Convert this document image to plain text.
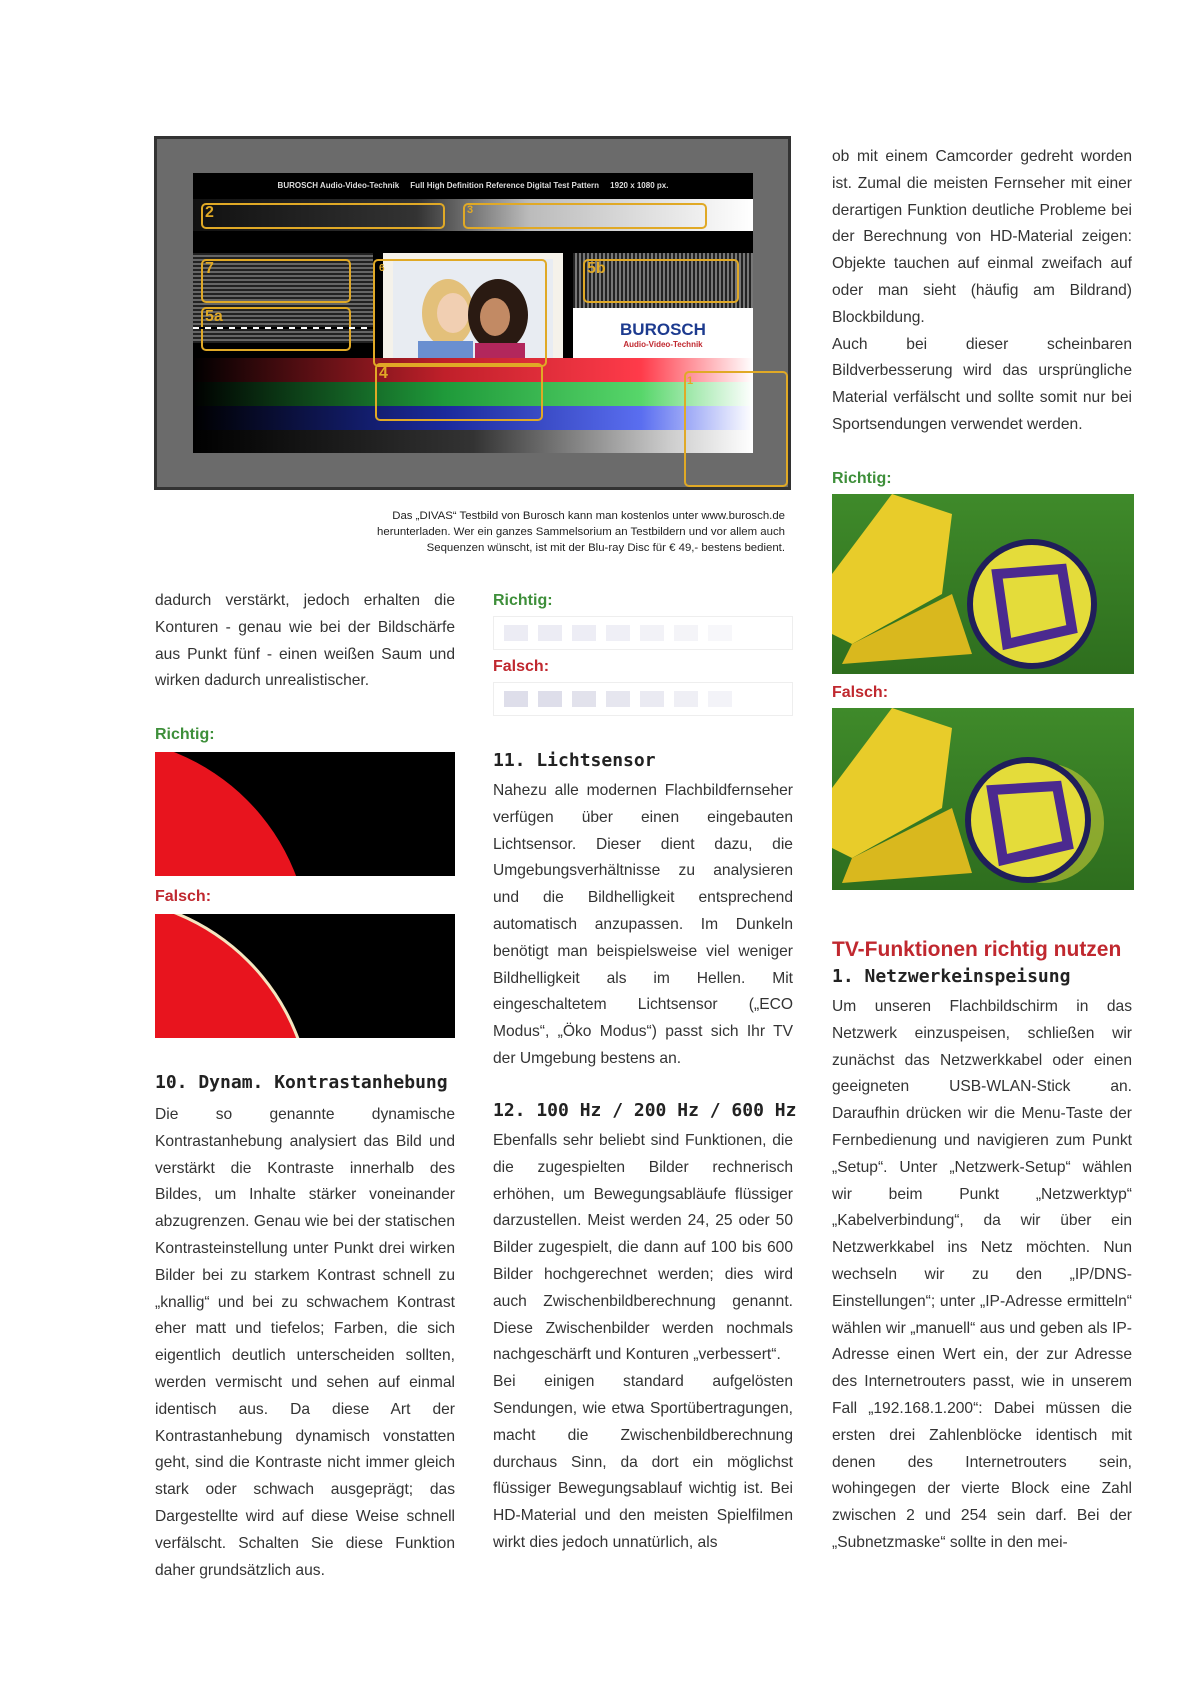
BUROSCH Audio-Video-Technik     Full High Definition Reference Digital Test Pattern     1920 x 1080 px.
BUROSCH
Audio-Video-Technik
2	3
7	6	5b
5a
4	1
Das „DIVAS“ Testbild von Burosch kann man kostenlos unter www.burosch.de
herunterladen. Wer ein ganzes Sammelsorium an Testbildern und vor allem auch
Sequenzen wünscht, ist mit der Blu-ray Disc für € 49,- bestens bedient.

ob mit einem Camcorder gedreht worden ist. Zumal die meisten Fernseher mit einer derartigen Funktion deutliche Probleme bei der Berechnung von HD-Material zeigen: Objekte tauchen auf einmal zweifach auf oder man sieht (häufig am Bildrand) Blockbildung.

Auch bei dieser scheinbaren Bildverbesserung wird das ursprüngliche Material verfälscht und sollte somit nur bei Sportsendungen verwendet werden.

Richtig:
Falsch:
dadurch verstärkt, jedoch erhalten die Konturen - genau wie bei der Bildschärfe aus Punkt fünf - einen weißen Saum und wirken dadurch unrealistischer.
Richtig:
Falsch:
10. Dynam. Kontrastanhebung
Die so genannte dynamische Kontrastanhebung analysiert das Bild und verstärkt die Kontraste innerhalb des Bildes, um Inhalte stärker voneinander abzugrenzen. Genau wie bei der statischen Kontrasteinstellung unter Punkt drei wirken Bilder bei zu starkem Kontrast schnell zu „knallig“ und bei zu schwachem Kontrast eher matt und tiefelos; Farben, die sich eigentlich deutlich unterscheiden sollten, werden vermischt und sehen auf einmal identisch aus. Da diese Art der Kontrastanhebung dynamisch vonstatten geht, sind die Kontraste nicht immer gleich stark oder schwach ausgeprägt; das Dargestellte wird auf diese Weise schnell verfälscht. Schalten Sie diese Funktion daher grundsätzlich aus.
Richtig:
Falsch:
11. Lichtsensor
Nahezu alle modernen Flachbildfernseher verfügen über einen eingebauten Lichtsensor. Dieser dient dazu, die Umgebungsverhältnisse zu analysieren und die Bildhelligkeit entsprechend automatisch anzupassen. Im Dunkeln benötigt man beispielsweise viel weniger Bildhelligkeit als im Hellen. Mit eingeschaltetem Lichtsensor („ECO Modus“, „Öko Modus“) passt sich Ihr TV der Umgebung bestens an.
12. 100 Hz / 200 Hz / 600 Hz

Ebenfalls sehr beliebt sind Funktionen, die die zugespielten Bilder rechnerisch erhöhen, um Bewegungsabläufe flüssiger darzustellen. Meist werden 24, 25 oder 50 Bilder zugespielt, die dann auf 100 bis 600 Bilder hochgerechnet werden; dies wird auch Zwischenbildberechnung genannt. Diese Zwischenbilder werden nochmals nachgeschärft und Konturen „verbessert“.

Bei einigen standard aufgelösten Sendungen, wie etwa Sportübertragungen, macht die Zwischenbildberechnung durchaus Sinn, da dort ein möglichst flüssiger Bewegungsablauf wichtig ist. Bei HD-Material und den meisten Spielfilmen wirkt dies jedoch unnatürlich, als

TV-Funktionen richtig nutzen
1. Netzwerkeinspeisung
Um unseren Flachbildschirm in das Netzwerk einzuspeisen, schließen wir zunächst das Netzwerkkabel oder einen geeigneten USB-WLAN-Stick an. Daraufhin drücken wir die Menu-Taste der Fernbedienung und navigieren zum Punkt „Setup“. Unter „Netzwerk-Setup“ wählen wir beim Punkt „Netzwerktyp“ „Kabelverbindung“, da wir über ein Netzwerkkabel ins Netz möchten. Nun wechseln wir zu den „IP/DNS-Einstellungen“; unter „IP-Adresse ermitteln“ wählen wir „manuell“ aus und geben als IP-Adresse einen Wert ein, der zur Adresse des Internetrouters passt, wie in unserem Fall „192.168.1.200“: Dabei müssen die ersten drei Zahlenblöcke identisch mit denen des Internetrouters sein, wohingegen der vierte Block eine Zahl zwischen 2 und 254 sein darf. Bei der „Subnetzmaske“ sollte in den mei-
